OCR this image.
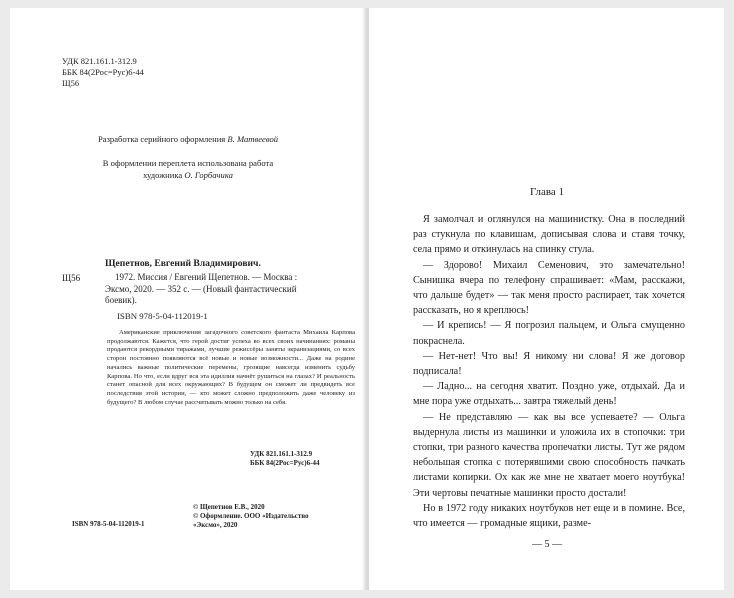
УДК 821.161.1-312.9
ББК 84(2Рос=Рус)6-44
Щ56
Разработка серийного оформления В. Матвеевой
В оформлении переплета использована работа
художника О. Горбачика
Щепетнов, Евгений Владимирович.
Щ56	1972. Миссия / Евгений Щепетнов. — Москва :
Эксмо, 2020. — 352 с. — (Новый фантастический
боевик).
ISBN 978-5-04-112019-1
Американские приключения загадочного советского фантаста Михаила Карпова продолжаются. Кажется, что герой достиг успеха во всех своих начинаниях: романы продаются рекордными тиражами, лучшие режиссёры заняты экранизациями, со всех сторон постоянно появляются всё новые и новые возможности... Даже на родине начались важные политические перемены, грозящие навсегда изменить судьбу Карпова. Но что, если вдруг вся эта идиллия начнёт рушиться на глазах? И реальность станет опасной для всех окружающих? В будущем он сможет ли предвидеть все последствия этой истории, — кто может сложно предположить даже человеку из будущего? В любом случае рассчитывать можно только на себя.
УДК 821.161.1-312.9
ББК 84(2Рос=Рус)6-44
© Щепетнов Е.В., 2020
© Оформление. ООО «Издательство
«Эксмо», 2020
ISBN 978-5-04-112019-1
Глава 1

Я замолчал и оглянулся на машинистку. Она в последний раз стукнула по клавишам, дописывая слова и ставя точку, села прямо и откинулась на спинку стула.

— Здорово! Михаил Семенович, это замечательно! Сынишка вчера по телефону спрашивает: «Мам, расскажи, что дальше будет» — так меня просто распирает, так хочется рассказать, но я креплюсь!

— И крепись! — Я погрозил пальцем, и Ольга смущенно покраснела.

— Нет-нет! Что вы! Я никому ни слова! Я же договор подписала!

— Ладно... на сегодня хватит. Поздно уже, отдыхай. Да и мне пора уже отдыхать... завтра тяжелый день!

— Не представляю — как вы все успеваете? — Ольга выдернула листы из машинки и уложила их в стопочки: три стопки, три разного качества пропечатки листы. Тут же рядом небольшая стопка с потерявшими свою способность пачкать листами копирки. Ох как же мне не хватает моего ноутбука! Эти чертовы печатные машинки просто достали!

Но в 1972 году никаких ноутбуков нет еще и в помине. Все, что имеется — громадные ящики, разме-

— 5 —
